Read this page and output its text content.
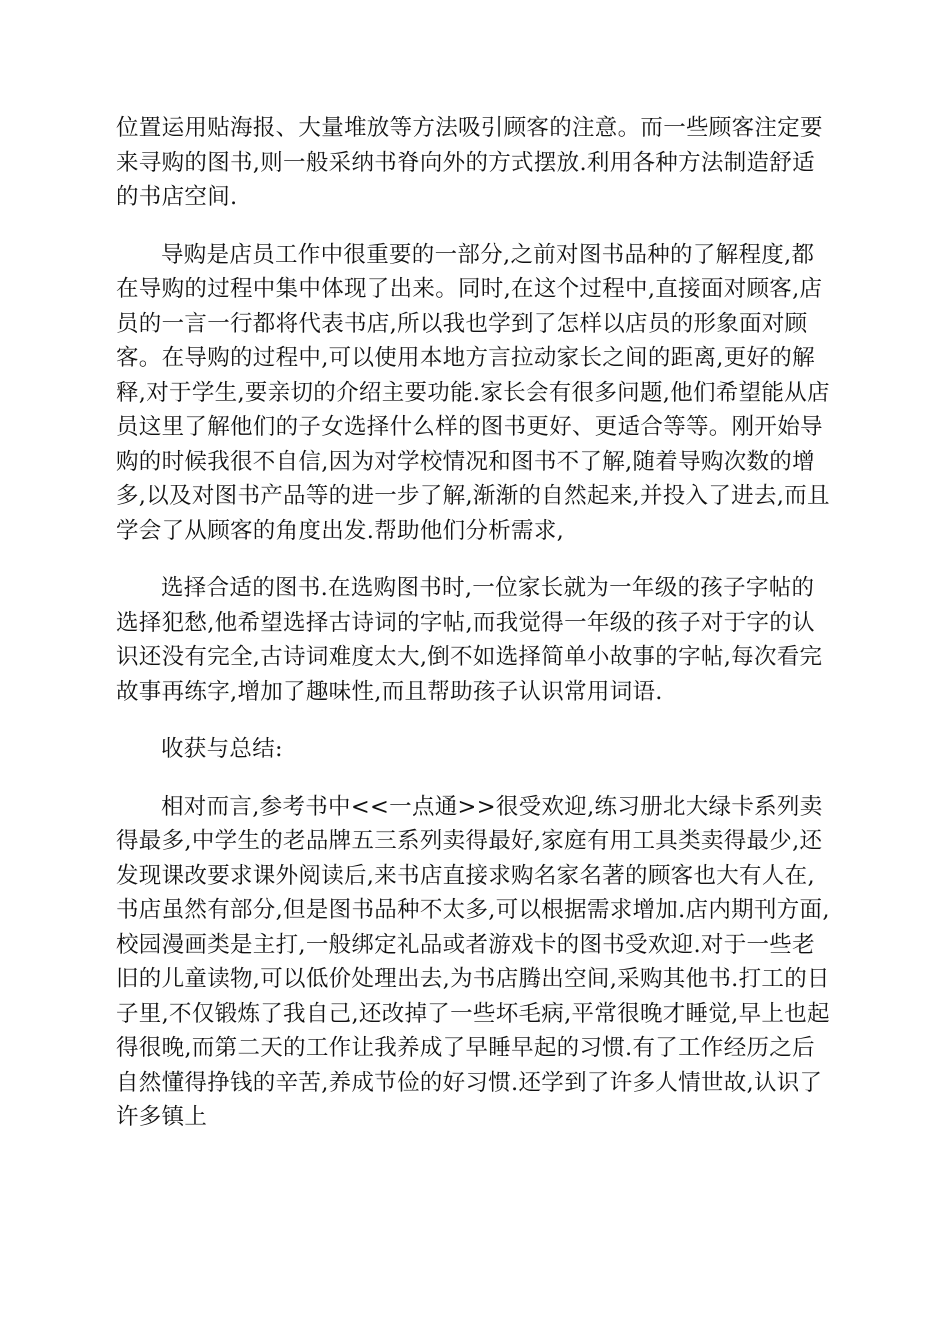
位置运用贴海报、大量堆放等方法吸引顾客的注意。而一些顾客注定要来寻购的图书,则一般采纳书脊向外的方式摆放.利用各种方法制造舒适的书店空间.

导购是店员工作中很重要的一部分,之前对图书品种的了解程度,都在导购的过程中集中体现了出来。同时,在这个过程中,直接面对顾客,店员的一言一行都将代表书店,所以我也学到了怎样以店员的形象面对顾客。在导购的过程中,可以使用本地方言拉动家长之间的距离,更好的解释,对于学生,要亲切的介绍主要功能.家长会有很多问题,他们希望能从店员这里了解他们的子女选择什么样的图书更好、更适合等等。刚开始导购的时候我很不自信,因为对学校情况和图书不了解,随着导购次数的增多,以及对图书产品等的进一步了解,渐渐的自然起来,并投入了进去,而且学会了从顾客的角度出发.帮助他们分析需求,

选择合适的图书.在选购图书时,一位家长就为一年级的孩子字帖的选择犯愁,他希望选择古诗词的字帖,而我觉得一年级的孩子对于字的认识还没有完全,古诗词难度太大,倒不如选择简单小故事的字帖,每次看完故事再练字,增加了趣味性,而且帮助孩子认识常用词语.

收获与总结:

相对而言,参考书中<<一点通>>很受欢迎,练习册北大绿卡系列卖得最多,中学生的老品牌五三系列卖得最好,家庭有用工具类卖得最少,还发现课改要求课外阅读后,来书店直接求购名家名著的顾客也大有人在,书店虽然有部分,但是图书品种不太多,可以根据需求增加.店内期刊方面,校园漫画类是主打,一般绑定礼品或者游戏卡的图书受欢迎.对于一些老旧的儿童读物,可以低价处理出去,为书店腾出空间,采购其他书.打工的日子里,不仅锻炼了我自己,还改掉了一些坏毛病,平常很晚才睡觉,早上也起得很晚,而第二天的工作让我养成了早睡早起的习惯.有了工作经历之后自然懂得挣钱的辛苦,养成节俭的好习惯.还学到了许多人情世故,认识了许多镇上
